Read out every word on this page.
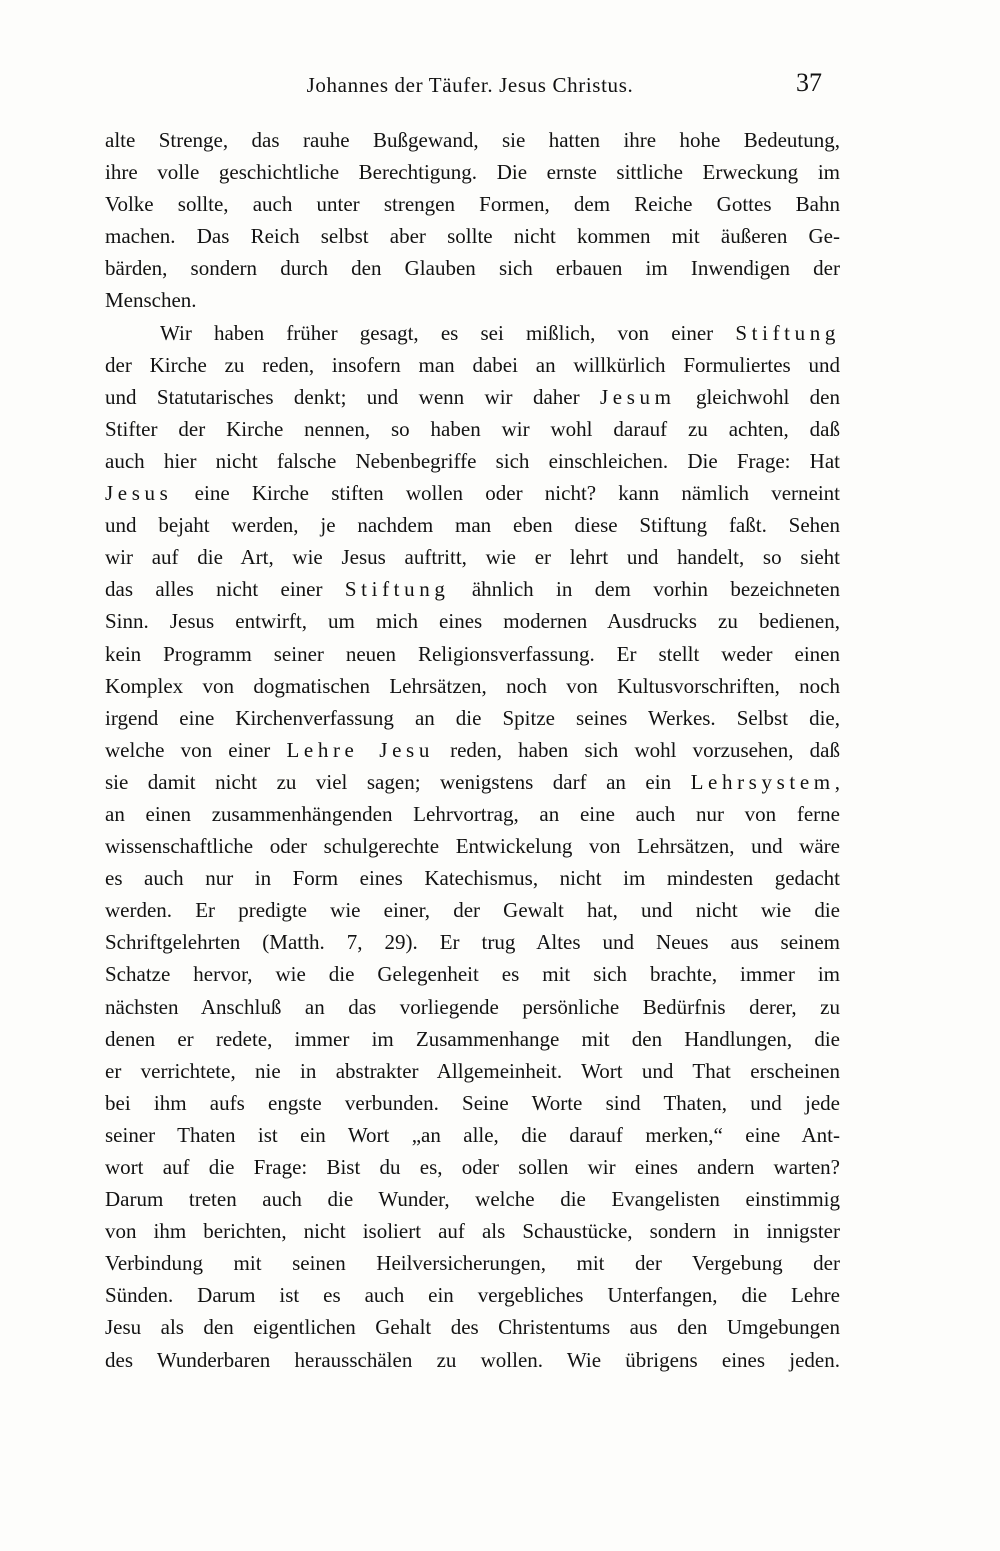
Johannes der Täufer. Jesus Christus.	37
alte Strenge, das rauhe Bußgewand, sie hatten ihre hohe Bedeutung,
ihre volle geschichtliche Berechtigung. Die ernste sittliche Erweckung im
Volke sollte, auch unter strengen Formen, dem Reiche Gottes Bahn
machen. Das Reich selbst aber sollte nicht kommen mit äußeren Ge-
bärden, sondern durch den Glauben sich erbauen im Inwendigen der
Menschen.
Wir haben früher gesagt, es sei mißlich, von einer Stiftung
der Kirche zu reden, insofern man dabei an willkürlich Formuliertes und
und Statutarisches denkt; und wenn wir daher Jesum gleichwohl den
Stifter der Kirche nennen, so haben wir wohl darauf zu achten, daß
auch hier nicht falsche Nebenbegriffe sich einschleichen. Die Frage: Hat
Jesus eine Kirche stiften wollen oder nicht? kann nämlich verneint
und bejaht werden, je nachdem man eben diese Stiftung faßt. Sehen
wir auf die Art, wie Jesus auftritt, wie er lehrt und handelt, so sieht
das alles nicht einer Stiftung ähnlich in dem vorhin bezeichneten
Sinn. Jesus entwirft, um mich eines modernen Ausdrucks zu bedienen,
kein Programm seiner neuen Religionsverfassung. Er stellt weder einen
Komplex von dogmatischen Lehrsätzen, noch von Kultusvorschriften, noch
irgend eine Kirchenverfassung an die Spitze seines Werkes. Selbst die,
welche von einer Lehre Jesu reden, haben sich wohl vorzusehen, daß
sie damit nicht zu viel sagen; wenigstens darf an ein Lehrsystem,
an einen zusammenhängenden Lehrvortrag, an eine auch nur von ferne
wissenschaftliche oder schulgerechte Entwickelung von Lehrsätzen, und wäre
es auch nur in Form eines Katechismus, nicht im mindesten gedacht
werden. Er predigte wie einer, der Gewalt hat, und nicht wie die
Schriftgelehrten (Matth. 7, 29). Er trug Altes und Neues aus seinem
Schatze hervor, wie die Gelegenheit es mit sich brachte, immer im
nächsten Anschluß an das vorliegende persönliche Bedürfnis derer, zu
denen er redete, immer im Zusammenhange mit den Handlungen, die
er verrichtete, nie in abstrakter Allgemeinheit. Wort und That erscheinen
bei ihm aufs engste verbunden. Seine Worte sind Thaten, und jede
seiner Thaten ist ein Wort „an alle, die darauf merken,“ eine Ant-
wort auf die Frage: Bist du es, oder sollen wir eines andern warten?
Darum treten auch die Wunder, welche die Evangelisten einstimmig
von ihm berichten, nicht isoliert auf als Schaustücke, sondern in innigster
Verbindung mit seinen Heilversicherungen, mit der Vergebung der
Sünden. Darum ist es auch ein vergebliches Unterfangen, die Lehre
Jesu als den eigentlichen Gehalt des Christentums aus den Umgebungen
des Wunderbaren herausschälen zu wollen. Wie übrigens eines jeden.
